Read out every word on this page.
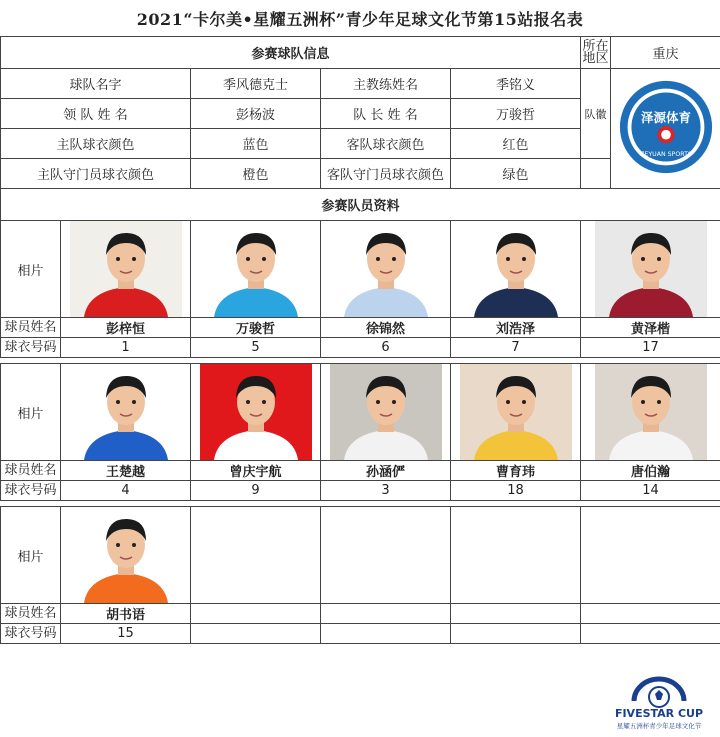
2021“卡尔美•星耀五洲杯”青少年足球文化节第15站报名表
参赛球队信息					所在地区	重庆
球队名字		季风德克士	主教练姓名	季铭义	队徽	泽源体育
ZEYUAN SPORTS

领 队 姓 名		彭杨波	队 长 姓 名	万骏哲		
主队球衣颜色		蓝色	客队球衣颜色	红色		
主队守门员球衣颜色		橙色	客队守门员球衣颜色	绿色		
参赛队员资料						
相片	

球员姓名	彭梓恒	万骏哲	徐锦然	刘浩泽	黄泽楷	
球衣号码	1	5	6	7	17	

相片	

球员姓名	王楚越	曾庆宇航	孙涵俨	曹育玮	唐伯瀚	
球衣号码	4	9	3	18	14	

相片	

球员姓名	胡书语					
球衣号码	15					
FIVESTAR CUP
星耀五洲杯青少年足球文化节
